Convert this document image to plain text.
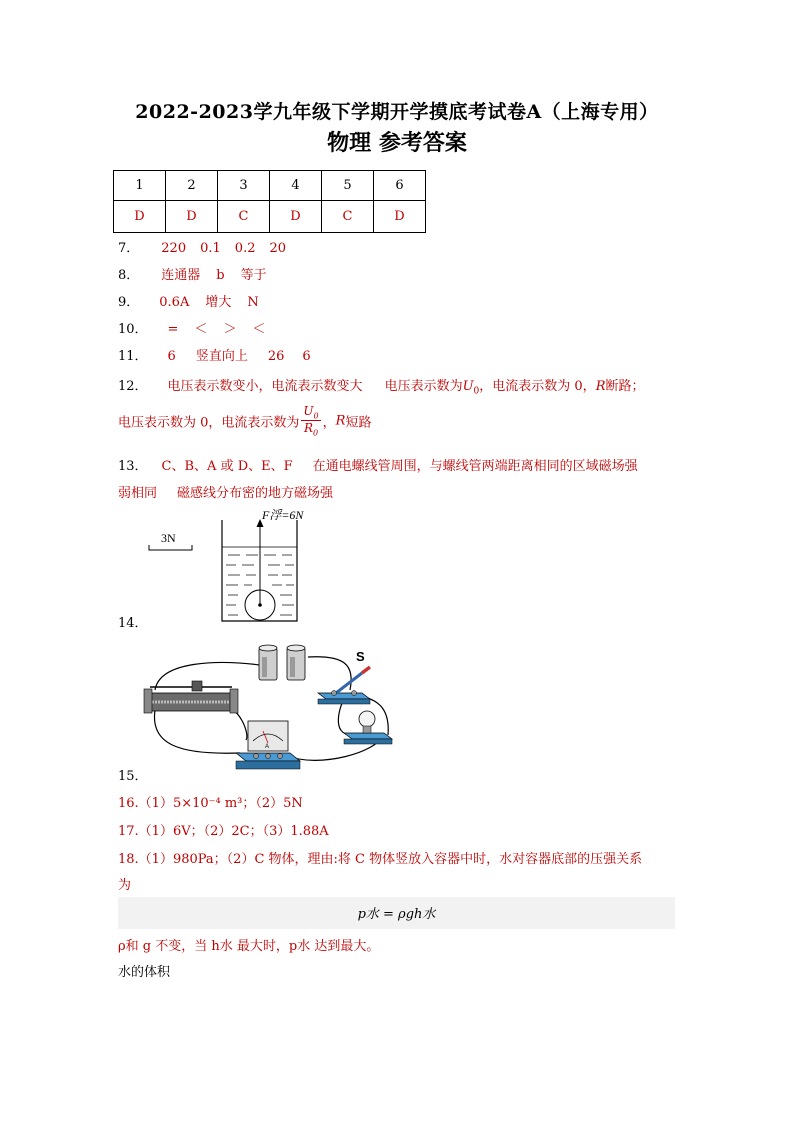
2022-2023学九年级下学期开学摸底考试卷A（上海专用）
物理 参考答案
1	2	3	4	5	6
D	D	C	D	C	D
7． 220 0.1 0.2 20
8． 连通器 b 等于
9． 0.6A 增大 N
10． = ＜ ＞ ＜
11． 6 竖直向上 26 6
12． 电压表示数变小，电流表示数变大 电压表示数为$U_0$，电流表示数为 0，R断路；
电压表示数为 0，电流表示数为 $\frac{U_0}{R_0}$ ，R短路
13． C、B、A 或 D、E、F 在通电螺线管周围，与螺线管两端距离相同的区域磁场强
弱相同 磁感线分布密的地方磁场强
3N
F浮=6N
14．
S
A
15．
16.（1）5×10⁻⁴ m³；（2）5N
17.（1）6V；（2）2C；（3）1.88A
18.（1）980Pa；（2）C 物体，理由:将 C 物体竖放入容器中时，水对容器底部的压强关系
为
p水 = ρgh水
ρ和 g 不变，当 h水 最大时，p水 达到最大。
水的体积
